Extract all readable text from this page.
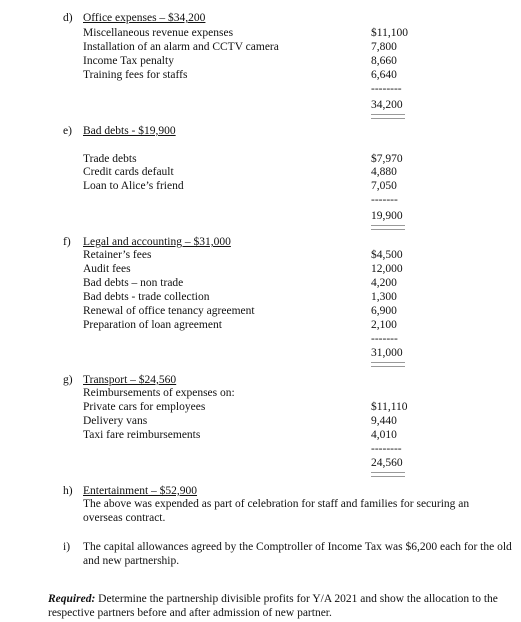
d) Office expenses – $34,200
Miscellaneous revenue expenses	$11,100
Installation of an alarm and CCTV camera	7,800
Income Tax penalty	8,660
Training fees for staffs	6,640
--------
34,200
e) Bad debts - $19,900
Trade debts	$7,970
Credit cards default	4,880
Loan to Alice’s friend	7,050
-------
19,900
f) Legal and accounting – $31,000
Retainer’s fees	$4,500
Audit fees	12,000
Bad debts – non trade	4,200
Bad debts - trade collection	1,300
Renewal of office tenancy agreement	6,900
Preparation of loan agreement	2,100
-------
31,000
g) Transport – $24,560
Reimbursements of expenses on:
Private cars for employees	$11,110
Delivery vans	9,440
Taxi fare reimbursements	4,010
--------
24,560
h) Entertainment – $52,900
The above was expended as part of celebration for staff and families for securing an overseas contract.
i) The capital allowances agreed by the Comptroller of Income Tax was $6,200 each for the old and new partnership.
Required: Determine the partnership divisible profits for Y/A 2021 and show the allocation to the respective partners before and after admission of new partner.
